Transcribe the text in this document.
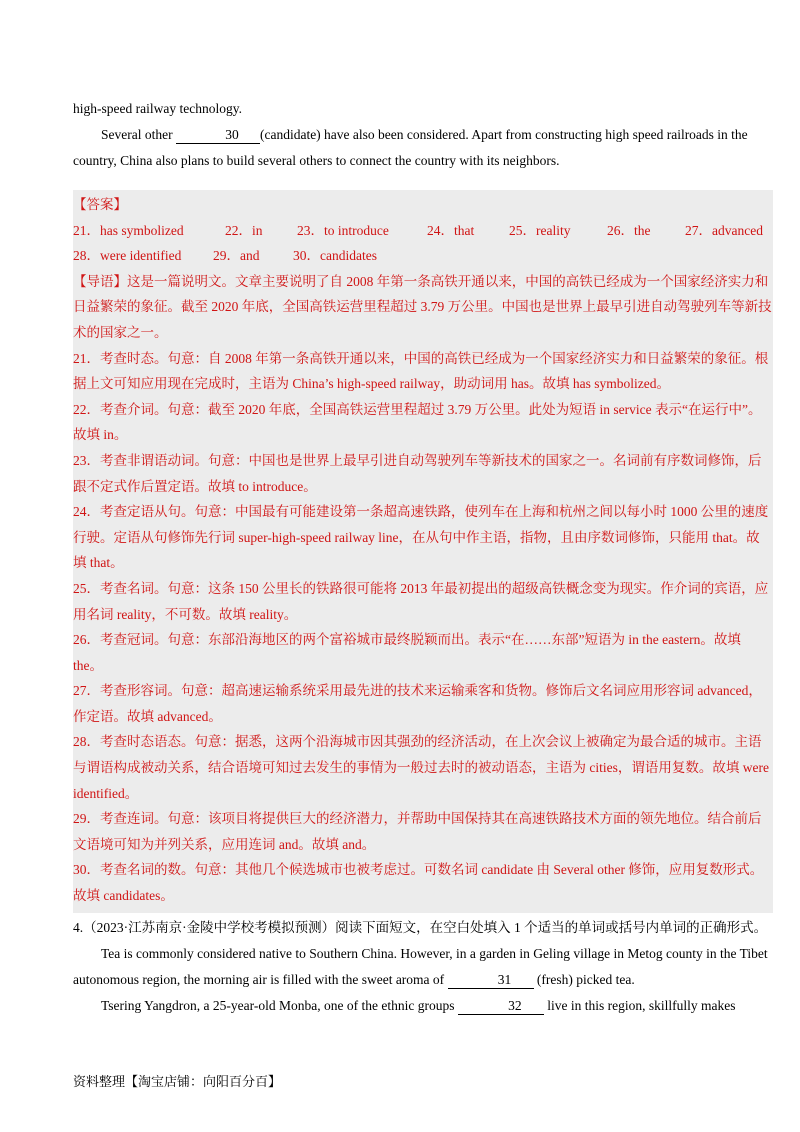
high-speed railway technology.

Several other	30 (candidate) have also been considered. Apart from constructing high speed railroads in the country, China also plans to build several others to connect the country with its neighbors.

【答案】

21．has symbolized	22．in	23．to introduce	24．that	25．reality	26．the	27．advanced
28．were identified	29．and	30．candidates

【导语】这是一篇说明文。文章主要说明了自 2008 年第一条高铁开通以来，中国的高铁已经成为一个国家经济实力和日益繁荣的象征。截至 2020 年底，全国高铁运营里程超过 3.79 万公里。中国也是世界上最早引进自动驾驶列车等新技术的国家之一。

21．考查时态。句意：自 2008 年第一条高铁开通以来，中国的高铁已经成为一个国家经济实力和日益繁荣的象征。根据上文可知应用现在完成时，主语为 China’s high-speed railway，助动词用 has。故填 has symbolized。

22．考查介词。句意：截至 2020 年底，全国高铁运营里程超过 3.79 万公里。此处为短语 in service 表示“在运行中”。故填 in。

23．考查非谓语动词。句意：中国也是世界上最早引进自动驾驶列车等新技术的国家之一。名词前有序数词修饰，后跟不定式作后置定语。故填 to introduce。

24．考查定语从句。句意：中国最有可能建设第一条超高速铁路，使列车在上海和杭州之间以每小时 1000 公里的速度行驶。定语从句修饰先行词 super-high-speed railway line，在从句中作主语，指物，且由序数词修饰，只能用 that。故填 that。

25．考查名词。句意：这条 150 公里长的铁路很可能将 2013 年最初提出的超级高铁概念变为现实。作介词的宾语，应用名词 reality，不可数。故填 reality。

26．考查冠词。句意：东部沿海地区的两个富裕城市最终脱颖而出。表示“在……东部”短语为 in the eastern。故填 the。

27．考查形容词。句意：超高速运输系统采用最先进的技术来运输乘客和货物。修饰后文名词应用形容词 advanced，作定语。故填 advanced。

28．考查时态语态。句意：据悉，这两个沿海城市因其强劲的经济活动，在上次会议上被确定为最合适的城市。主语与谓语构成被动关系，结合语境可知过去发生的事情为一般过去时的被动语态，主语为 cities，谓语用复数。故填 were identified。

29．考查连词。句意：该项目将提供巨大的经济潜力，并帮助中国保持其在高速铁路技术方面的领先地位。结合前后文语境可知为并列关系，应用连词 and。故填 and。

30．考查名词的数。句意：其他几个候选城市也被考虑过。可数名词 candidate 由 Several other 修饰，应用复数形式。故填 candidates。

4.（2023·江苏南京·金陵中学校考模拟预测）阅读下面短文，在空白处填入 1 个适当的单词或括号内单词的正确形式。

Tea is commonly considered native to Southern China. However, in a garden in Geling village in Metog county in the Tibet autonomous region, the morning air is filled with the sweet aroma of	31 (fresh) picked tea.

Tsering Yangdron, a 25-year-old Monba, one of the ethnic groups	32 live in this region, skillfully makes

资料整理【淘宝店铺：向阳百分百】
